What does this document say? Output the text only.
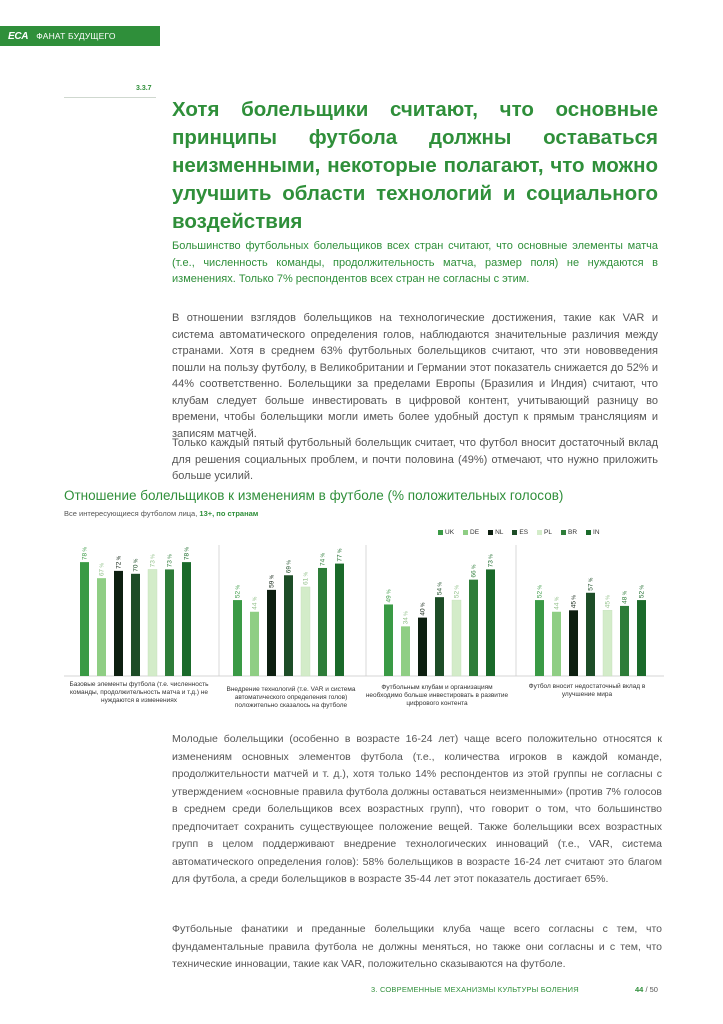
ECA ФАНАТ БУДУЩЕГО
3.3.7
Хотя болельщики считают, что основные принципы футбола должны оставаться неизменными, некоторые полагают, что можно улучшить области технологий и социального воздействия

Большинство футбольных болельщиков всех стран считают, что основные элементы матча (т.е., численность команды, продолжительность матча, размер поля) не нуждаются в изменениях. Только 7% респондентов всех стран не согласны с этим.

В отношении взглядов болельщиков на технологические достижения, такие как VAR и система автоматического определения голов, наблюдаются значительные различия между странами. Хотя в среднем 63% футбольных болельщиков считают, что эти нововведения пошли на пользу футболу, в Великобритании и Германии этот показатель снижается до 52% и 44% соответственно. Болельщики за пределами Европы (Бразилия и Индия) считают, что клубам следует больше инвестировать в цифровой контент, учитывающий разницу во времени, чтобы болельщики могли иметь более удобный доступ к прямым трансляциям и записям матчей.

Только каждый пятый футбольный болельщик считает, что футбол вносит достаточный вклад для решения социальных проблем, и почти половина (49%) отмечают, что нужно приложить больше усилий.

Отношение болельщиков к изменениям в футболе (% положительных голосов)
Все интересующиеся футболом лица, 13+, по странам
UK DE NL ES PL BR IN
78 %
67 % 72 %
70 % 73 %
73 % 78 %
52 %
44 %
59 %
69 %
61 %
74 % 77 %
49 %
34 % 40 %
54 %
52 %
66 %
73 %
52 %
44 %
45 %
57 %
45 % 48 % 52 %
Базовые элементы футбола (т.е. численность команды, продолжительность матча и т.д.) не нуждаются в изменениях
Внедрение технологий (т.е. VAR и система автоматического определения голов) положительно сказалось на футболе
Футбольным клубам и организациям необходимо больше инвестировать в развитие цифрового контента
Футбол вносит недостаточный вклад в улучшение мира

Молодые болельщики (особенно в возрасте 16-24 лет) чаще всего положительно относятся к изменениям основных элементов футбола (т.е., количества игроков в каждой команде, продолжительности матчей и т. д.), хотя только 14% респондентов из этой группы не согласны с утверждением «основные правила футбола должны оставаться неизменными» (против 7% голосов в среднем среди болельщиков всех возрастных групп), что говорит о том, что большинство предпочитает сохранить существующее положение вещей. Также болельщики всех возрастных групп в целом поддерживают внедрение технологических инноваций (т.е., VAR, система автоматического определения голов): 58% болельщиков в возрасте 16-24 лет считают это благом для футбола, а среди болельщиков в возрасте 35-44 лет этот показатель достигает 65%.

Футбольные фанатики и преданные болельщики клуба чаще всего согласны с тем, что фундаментальные правила футбола не должны меняться, но также они согласны и с тем, что технические инновации, такие как VAR, положительно сказываются на футболе.

3. СОВРЕМЕННЫЕ МЕХАНИЗМЫ КУЛЬТУРЫ БОЛЕНИЯ	44 / 50
